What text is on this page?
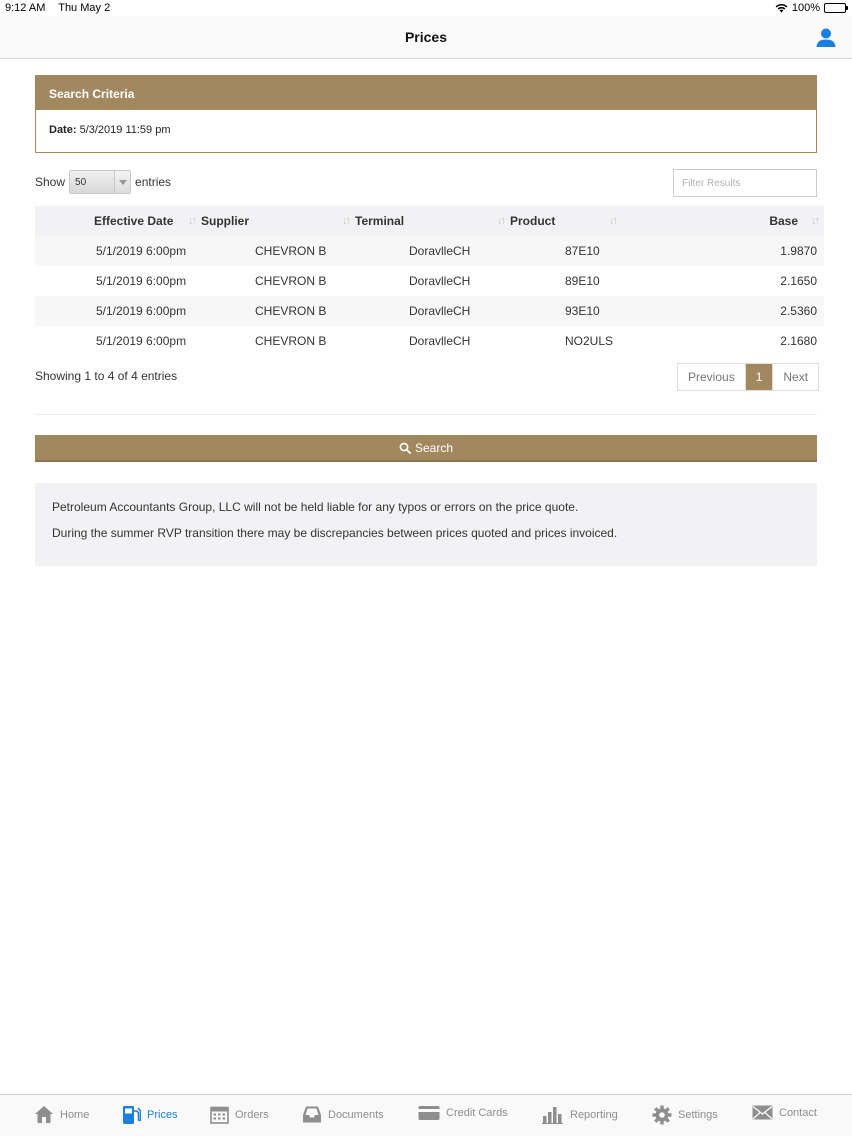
9:12 AM Thu May 2	100%
Prices
Search Criteria
Date: 5/3/2019 11:59 pm
Show	50	entries
Filter Results
Effective Date ↓↑	Supplier ↓↑	Terminal ↓↑	Product ↓↑	Base ↓↑

5/1/2019 6:00pm	CHEVRON B	DoravlleCH	87E10	1.9870
5/1/2019 6:00pm	CHEVRON B	DoravlleCH	89E10	2.1650
5/1/2019 6:00pm	CHEVRON B	DoravlleCH	93E10	2.5360
5/1/2019 6:00pm	CHEVRON B	DoravlleCH	NO2ULS	2.1680
Showing 1 to 4 of 4 entries	Previous	1	Next
Search

Petroleum Accountants Group, LLC will not be held liable for any typos or errors on the price quote.

During the summer RVP transition there may be discrepancies between prices quoted and prices invoiced.

Home	Prices	Orders	Documents	Credit Cards	Reporting	Settings	Contact
